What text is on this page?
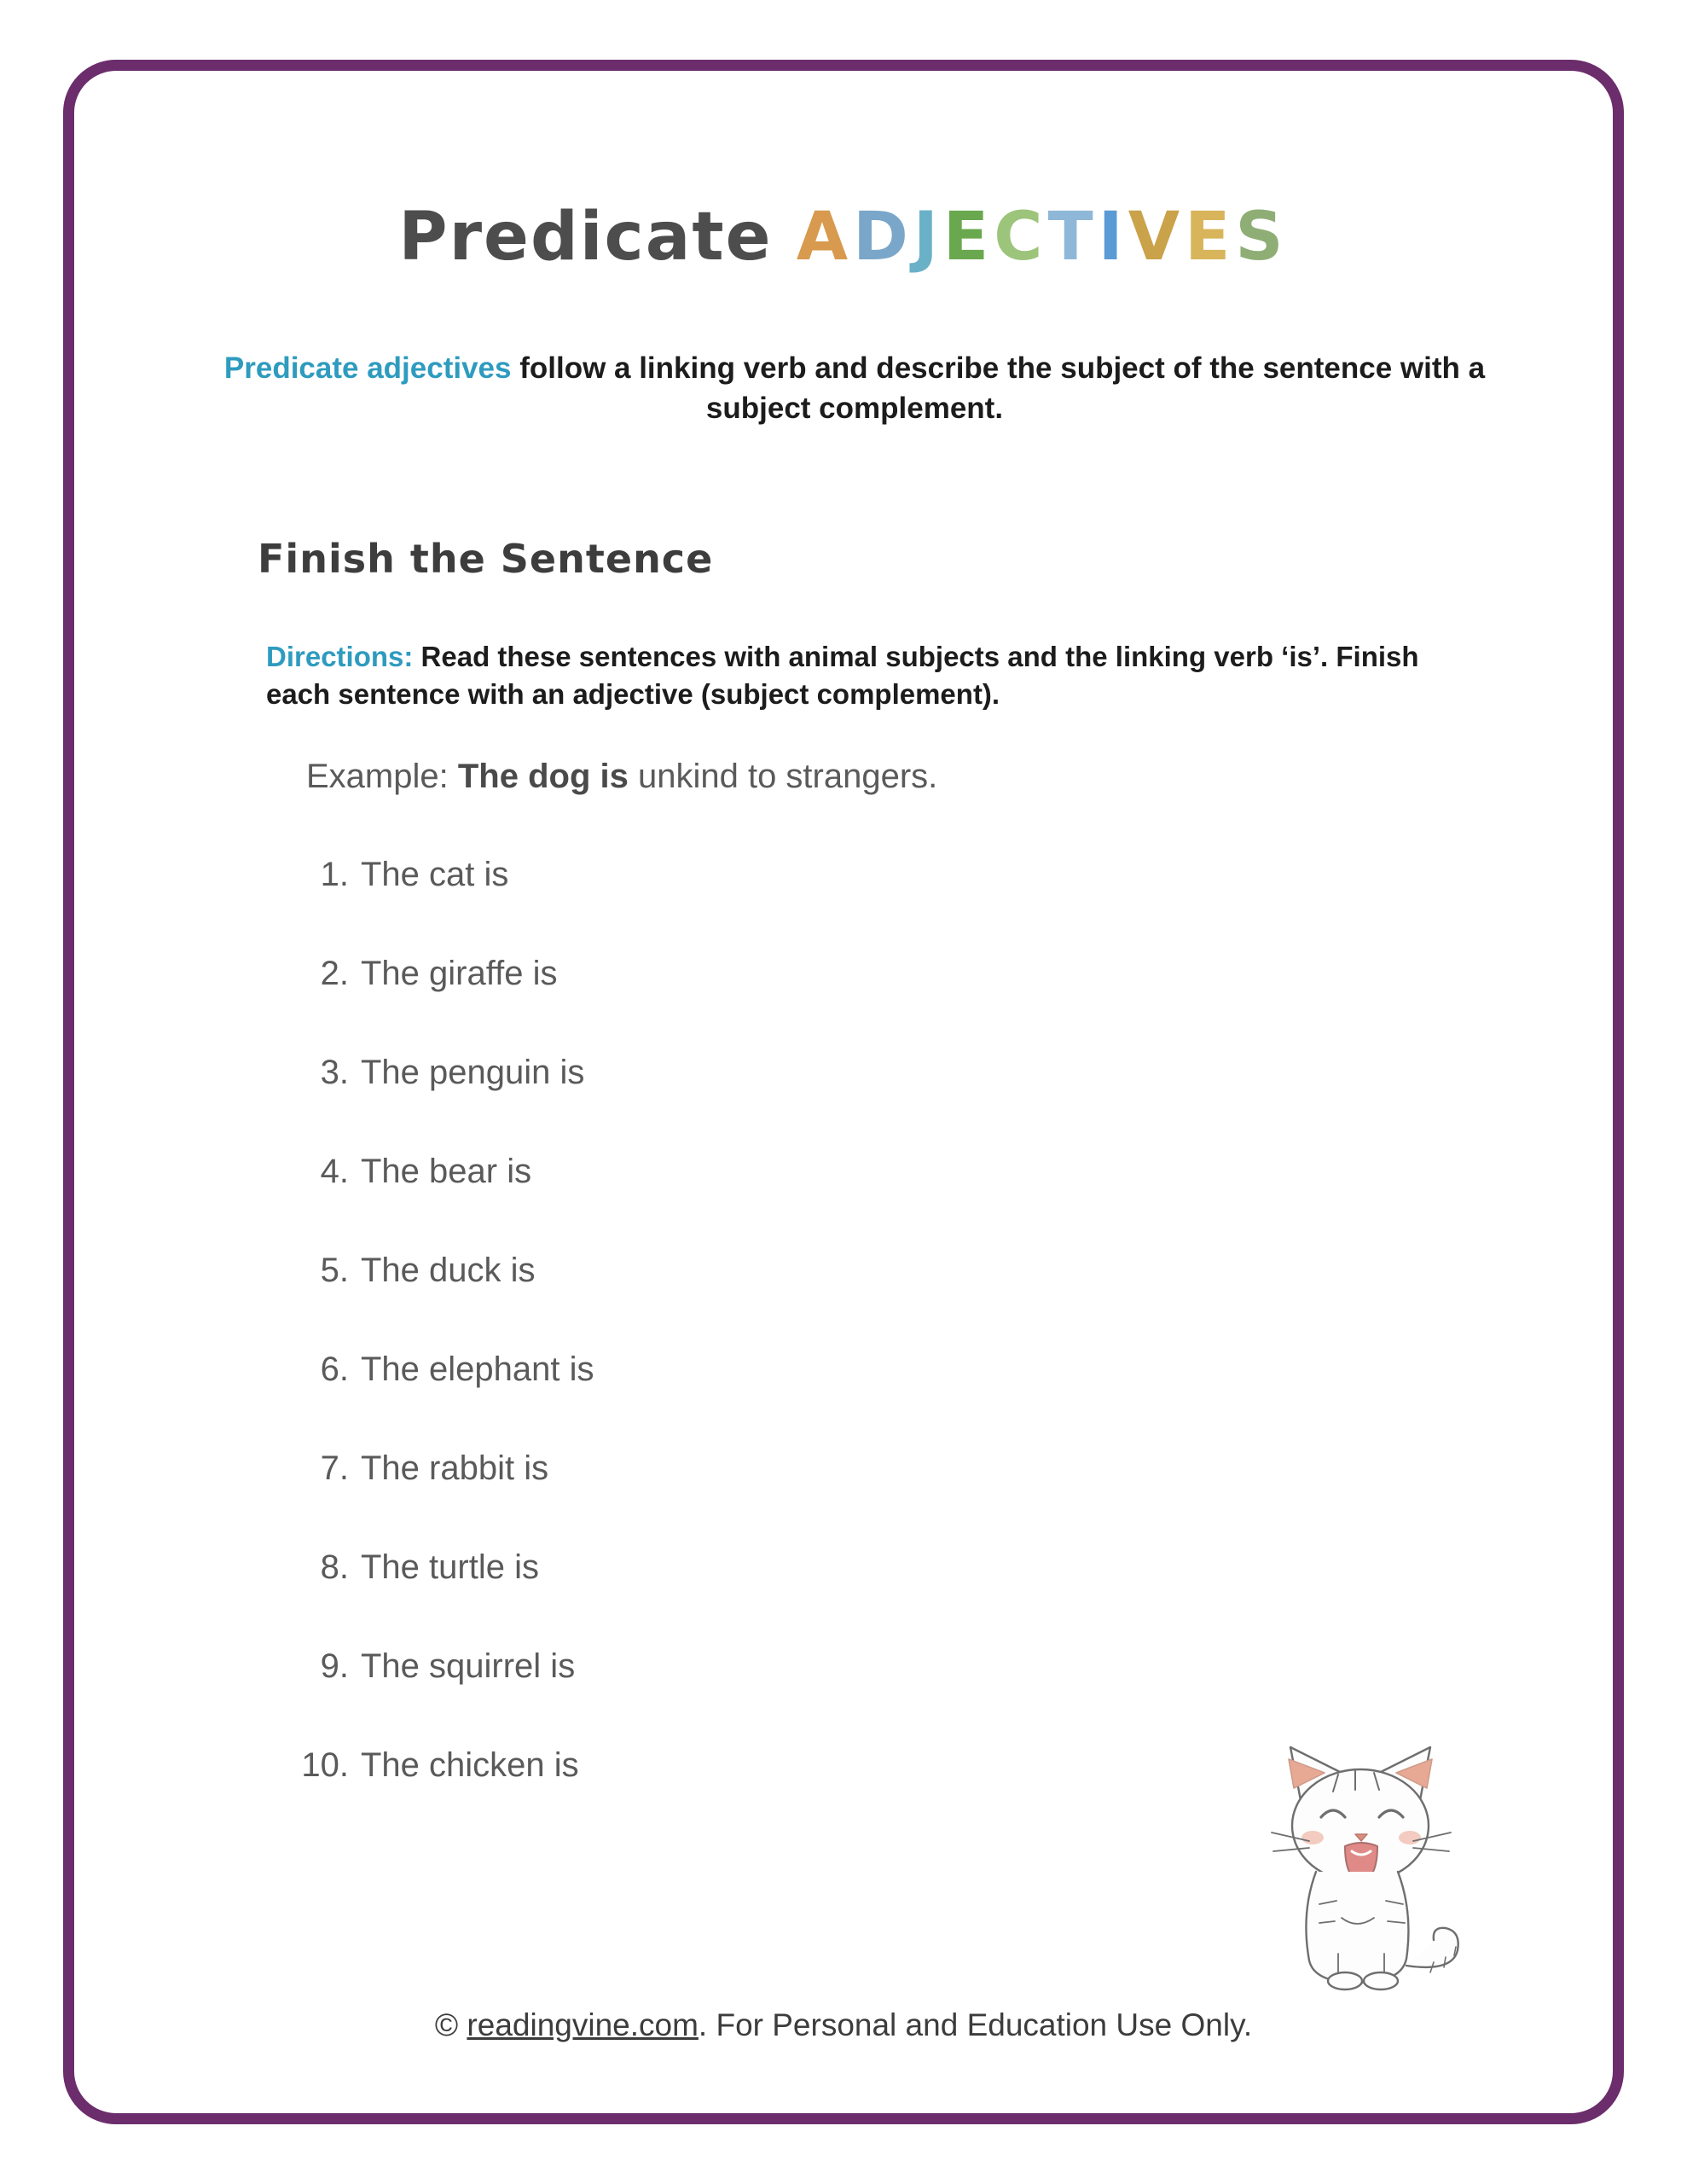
Predicate ADJECTIVES

Predicate adjectives follow a linking verb and describe the subject of the sentence with a subject complement.

Finish the Sentence

Directions: Read these sentences with animal subjects and the linking verb ‘is’. Finish each sentence with an adjective (subject complement).

Example: The dog is unkind to strangers.
1. The cat is
2. The giraffe is
3. The penguin is
4. The bear is
5. The duck is
6. The elephant is
7. The rabbit is
8. The turtle is
9. The squirrel is
10. The chicken is
© readingvine.com. For Personal and Education Use Only.
